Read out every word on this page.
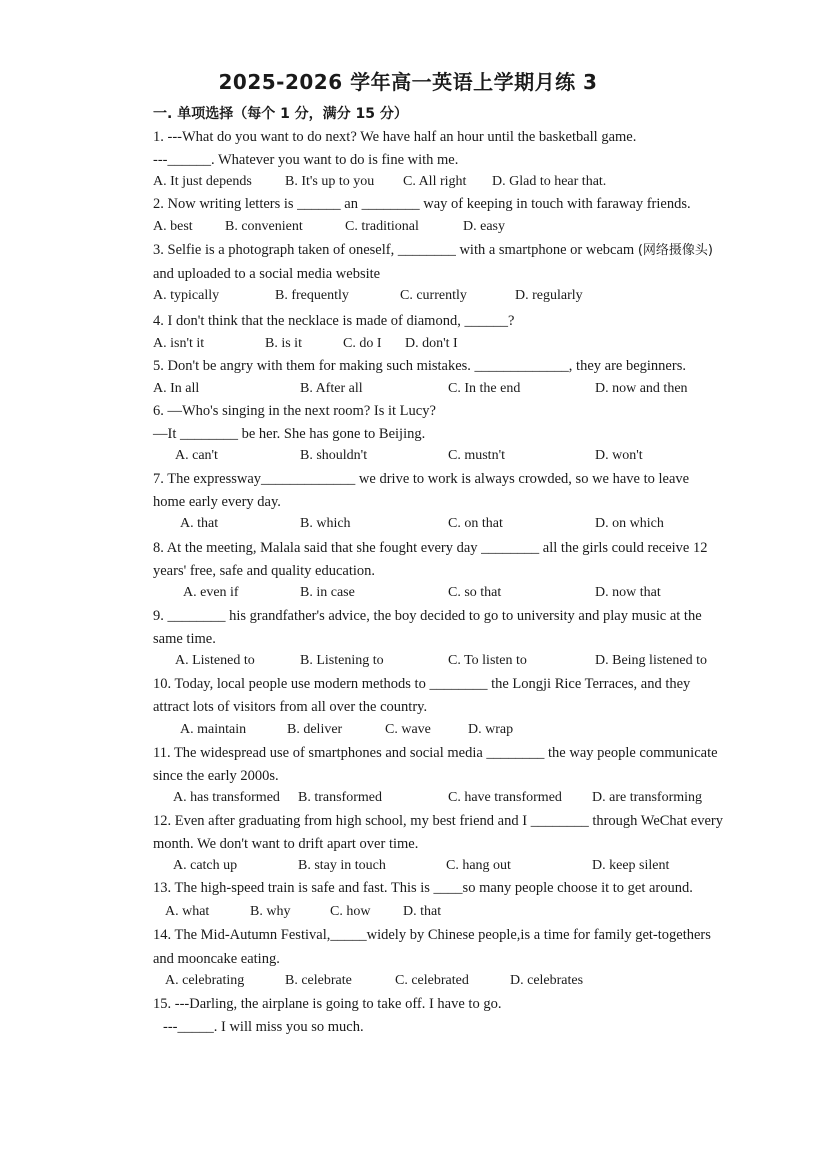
2025-2026 学年高一英语上学期月练 3
一. 单项选择（每个 1 分，满分 15 分）
1. ---What do you want to do next? We have half an hour until the basketball game.
---______. Whatever you want to do is fine with me.
A. It just depends B. It's up to you C. All right D. Glad to hear that.
2. Now writing letters is ______ an ________ way of keeping in touch with faraway friends.
A. best B. convenient	C. traditional	D. easy
3. Selfie is a photograph taken of oneself, ________ with a smartphone or webcam (网络摄像头)
and uploaded to a social media website
A. typically	B. frequently	C. currently	D. regularly
4. I don't think that the necklace is made of diamond, ______?
A. isn't it	B. is it	C. do I D. don't I
5. Don't be angry with them for making such mistakes. _____________, they are beginners.
A. In all	B. After all	C. In the end	D. now and then
6. —Who's singing in the next room? Is it Lucy?
—It ________ be her. She has gone to Beijing.
A. can't	B. shouldn't	C. mustn't	D. won't
7. The expressway_____________ we drive to work is always crowded, so we have to leave
home early every day.
A. that	B. which	C. on that	D. on which
8. At the meeting, Malala said that she fought every day ________ all the girls could receive 12
years' free, safe and quality education.
A. even if	B. in case	C. so that	D. now that
9. ________ his grandfather's advice, the boy decided to go to university and play music at the
same time.
A. Listened to	B. Listening to	C. To listen to	D. Being listened to
10. Today, local people use modern methods to ________ the Longji Rice Terraces, and they
attract lots of visitors from all over the country.
A. maintain	B. deliver	C. wave	D. wrap
11. The widespread use of smartphones and social media ________ the way people communicate
since the early 2000s.
A. has transformed B. transformed	C. have transformed D. are transforming
12. Even after graduating from high school, my best friend and I ________ through WeChat every
month. We don't want to drift apart over time.
A. catch up	B. stay in touch	C. hang out	D. keep silent
13. The high-speed train is safe and fast. This is ____so many people choose it to get around.
A. what	B. why	C. how D. that
14. The Mid-Autumn Festival,_____widely by Chinese people,is a time for family get-togethers
and mooncake eating.
A. celebrating	B. celebrate	C. celebrated	D. celebrates
15. ---Darling, the airplane is going to take off. I have to go.
---_____. I will miss you so much.
